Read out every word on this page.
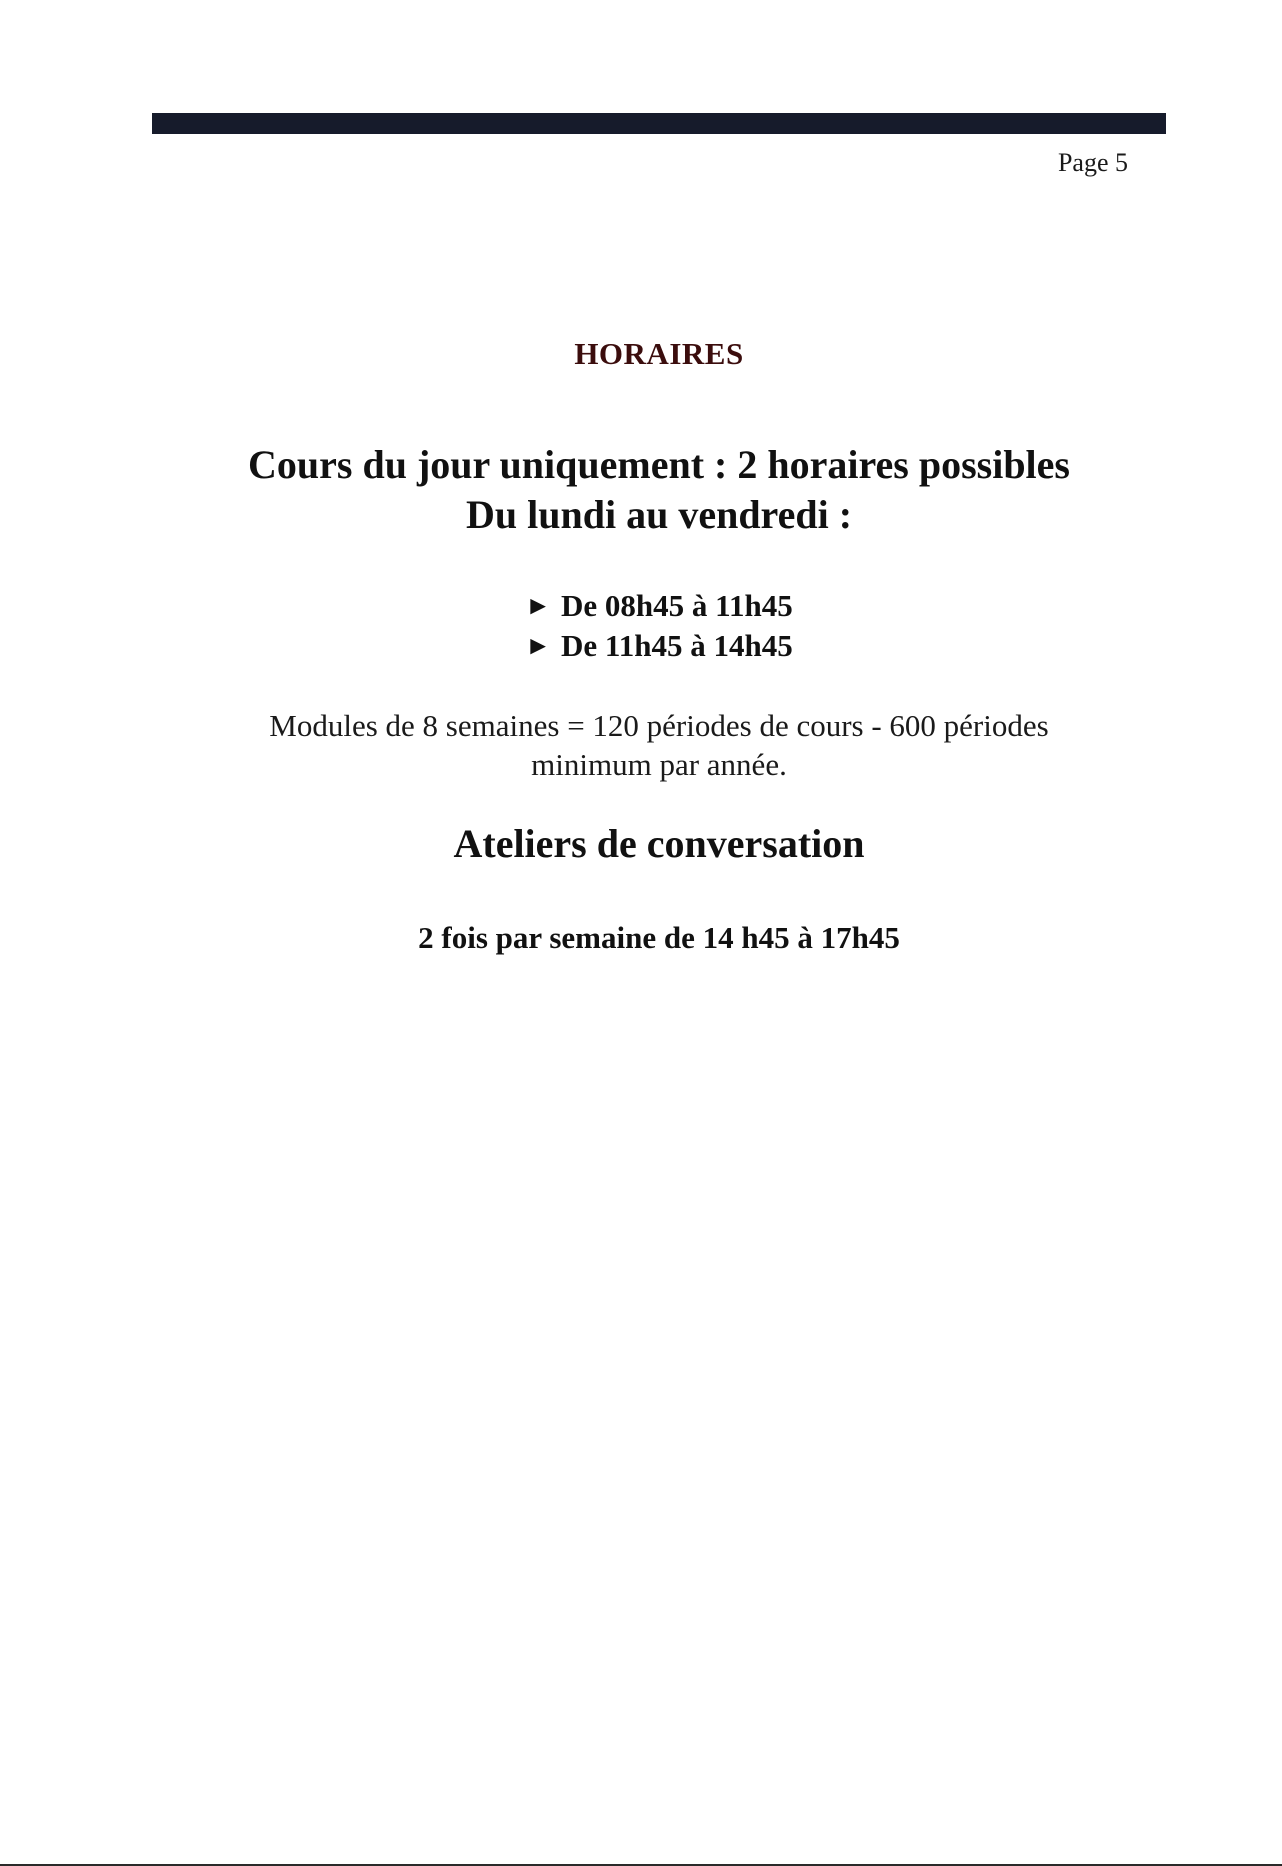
Page 5
HORAIRES
Cours du jour uniquement : 2 horaires possibles
Du lundi au vendredi :
► De 08h45 à 11h45
► De 11h45 à 14h45
Modules de 8 semaines = 120 périodes de cours - 600 périodes minimum par année.
Ateliers de conversation
2 fois par semaine de 14 h45 à 17h45
